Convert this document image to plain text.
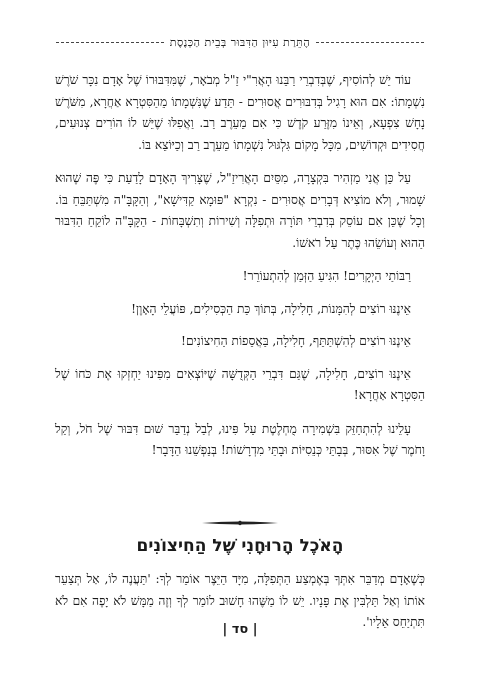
הֶתֵּרַת עִיּוּן הַדִּבּוּר בְּבֵית הַכְּנֶסֶת

עוֹד יֵשׁ לְהוֹסִיף, שֶׁבְּדִבְרֵי רַבֵּנוּ הָאֲרִ"י זַ"ל מְבֹאָר, שֶׁמִּדִּבּוּרוֹ שֶׁל אָדָם נִכָּר שֹׁרֶשׁ נִשְׁמָתוֹ: אִם הוּא רָגִיל בְּדִבּוּרִים אֲסוּרִים - תֵּדַע שֶׁנִּשְׁמָתוֹ מֵהַסִּטְרָא אַחֲרָא, מִשֹּׁרֶשׁ נָחָשׁ צִפְעָא, וְאֵינוֹ מִזֶּרַע קֹדֶשׁ כִּי אִם מֵעֵרֶב רַב. וַאֲפִלּוּ שֶׁיֵּשׁ לוֹ הוֹרִים צְנוּעִים, חֲסִידִים וּקְדוֹשִׁים, מִכָּל מָקוֹם גִּלְגּוּל נִשְׁמָתוֹ מֵעֵרֶב רַב וְכַיּוֹצֵא בּוֹ.

עַל כֵּן אֲנִי מַזְהִיר בִּקְצָרָה, מִסֵּיִם הָאֲרִיזַ"ל, שֶׁצָּרִיךְ הָאָדָם לָדַעַת כִּי פֶּה שֶׁהוּא שָׁמוּר, וְלֹא מוֹצִיא דְּבָרִים אֲסוּרִים - נִקְרָא "פּוּמָא קַדִּישָׁא", וְהַקָּבָּ"ה מִשְׁתַּבֵּחַ בּוֹ. וְכָל שֶׁכֵּן אִם עוֹסֵק בְּדִבְרֵי תּוֹרָה וּתְפִלָּה וְשִׁירוֹת וְתִשְׁבָּחוֹת - הַקָּבָּ"ה לוֹקֵחַ הַדִּבּוּר הַהוּא וְעוֹשֵׂהוּ כֶּתֶר עַל רֹאשׁוֹ.

רַבּוֹתַי הַיְקָרִים! הִגִּיעַ הַזְּמַן לְהִתְעוֹרֵר!

אֵינֶנּוּ רוֹצִים לְהִמָּנוֹת, חָלִילָה, בְּתוֹךְ כַּת הַכְּסִילִים, פּוֹעֲלֵי הָאָוֶן!

אֵינֶנּוּ רוֹצִים לְהִשְׁתַּתֵּף, חָלִילָה, בַּאֲסֵפוֹת הַחִיצוֹנִים!

אֵינֶנּוּ רוֹצִים, חָלִילָה, שֶׁגַּם דִּבְרֵי הַקְּדֻשָּׁה שֶׁיּוֹצְאִים מִפִּינוּ יַחְזְקוּ אֶת כֹּחוֹ שֶׁל הַסִּטְרָא אַחֲרָא!

עָלֵינוּ לְהִתְחַזֵּק בִּשְׁמִירָה מֻחְלֶטֶת עַל פִּינוּ, לְבַל נְדַבֵּר שׁוּם דִּבּוּר שֶׁל חֹל, וְקַל וָחֹמֶר שֶׁל אִסּוּר, בְּבָתֵּי כְּנֵסִיּוֹת וּבָתֵּי מִדְרָשׁוֹת! בְּנַפְשֵׁנוּ הַדָּבָר!

הָאֹכֶל הָרוּחָנִי שֶׁל הַחִיצוֹנִים

כְּשֶׁאָדָם מְדַבֵּר אִתְּךָ בְּאֶמְצַע הַתְּפִלָּה, מִיָּד הַיֵּצֶר אוֹמֵר לְךָ: 'תַּעֲנֶה לוֹ, אַל תְּצַעֵר אוֹתוֹ וְאַל תַּלְבִּין אֶת פָּנָיו. יֵשׁ לוֹ מַשֶּׁהוּ חָשׁוּב לוֹמַר לְךָ וְזֶה מַמָּשׁ לֹא יָפֶה אִם לֹא תִּתְיַחֵס אֵלָיו'.

| סד |
